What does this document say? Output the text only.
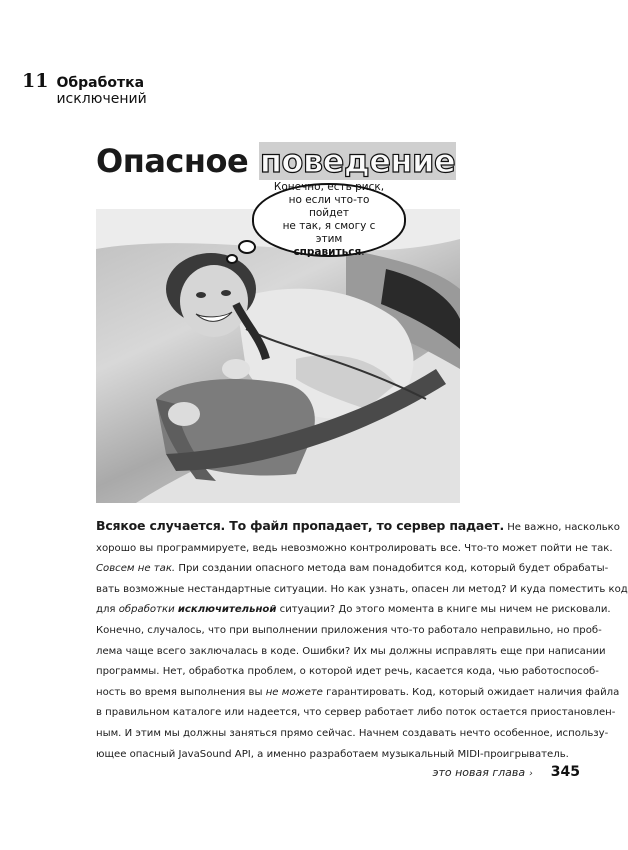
11 Обработка исключений
Опасное поведение
Конечно, есть риск,
но если что-то пойдет
не так, я смогу с этим
справиться.
Всякое случается. То файл пропадает, то сервер падает. Не важно, насколько
хорошо вы программируете, ведь невозможно контролировать все. Что-то может пойти не так.
Совсем не так. При создании опасного метода вам понадобится код, который будет обрабаты-
вать возможные нестандартные ситуации. Но как узнать, опасен ли метод? И куда поместить код
для обработки исключительной ситуации? До этого момента в книге мы ничем не рисковали.
Конечно, случалось, что при выполнении приложения что-то работало неправильно, но проб-
лема чаще всего заключалась в коде. Ошибки? Их мы должны исправлять еще при написании
программы. Нет, обработка проблем, о которой идет речь, касается кода, чью работоспособ-
ность во время выполнения вы не можете гарантировать. Код, который ожидает наличия файла
в правильном каталоге или надеется, что сервер работает либо поток остается приостановлен-
ным. И этим мы должны заняться прямо сейчас. Начнем создавать нечто особенное, использу-
ющее опасный JavaSound API, а именно разработаем музыкальный MIDI-проигрыватель.
это новая глава › 345
